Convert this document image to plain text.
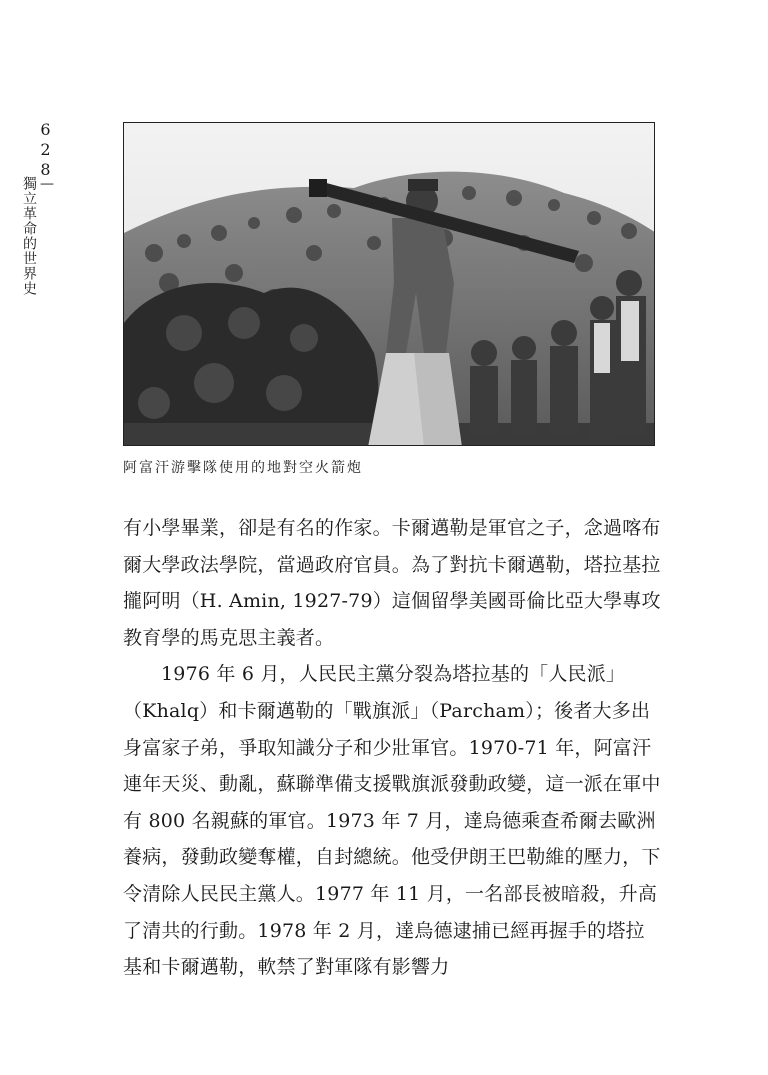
628
—
獨立革命的世界史
阿富汗游擊隊使用的地對空火箭炮

有小學畢業，卻是有名的作家。卡爾邁勒是軍官之子，念過喀布爾大學政法學院，當過政府官員。為了對抗卡爾邁勒，塔拉基拉攏阿明（H. Amin, 1927-79）這個留學美國哥倫比亞大學專攻教育學的馬克思主義者。

1976 年 6 月，人民民主黨分裂為塔拉基的「人民派」（Khalq）和卡爾邁勒的「戰旗派」（Parcham）；後者大多出身富家子弟，爭取知識分子和少壯軍官。1970-71 年，阿富汗連年天災、動亂，蘇聯準備支援戰旗派發動政變，這一派在軍中有 800 名親蘇的軍官。1973 年 7 月，達烏德乘查希爾去歐洲養病，發動政變奪權，自封總統。他受伊朗王巴勒維的壓力，下令清除人民民主黨人。1977 年 11 月，一名部長被暗殺，升高了清共的行動。1978 年 2 月，達烏德逮捕已經再握手的塔拉基和卡爾邁勒，軟禁了對軍隊有影響力
